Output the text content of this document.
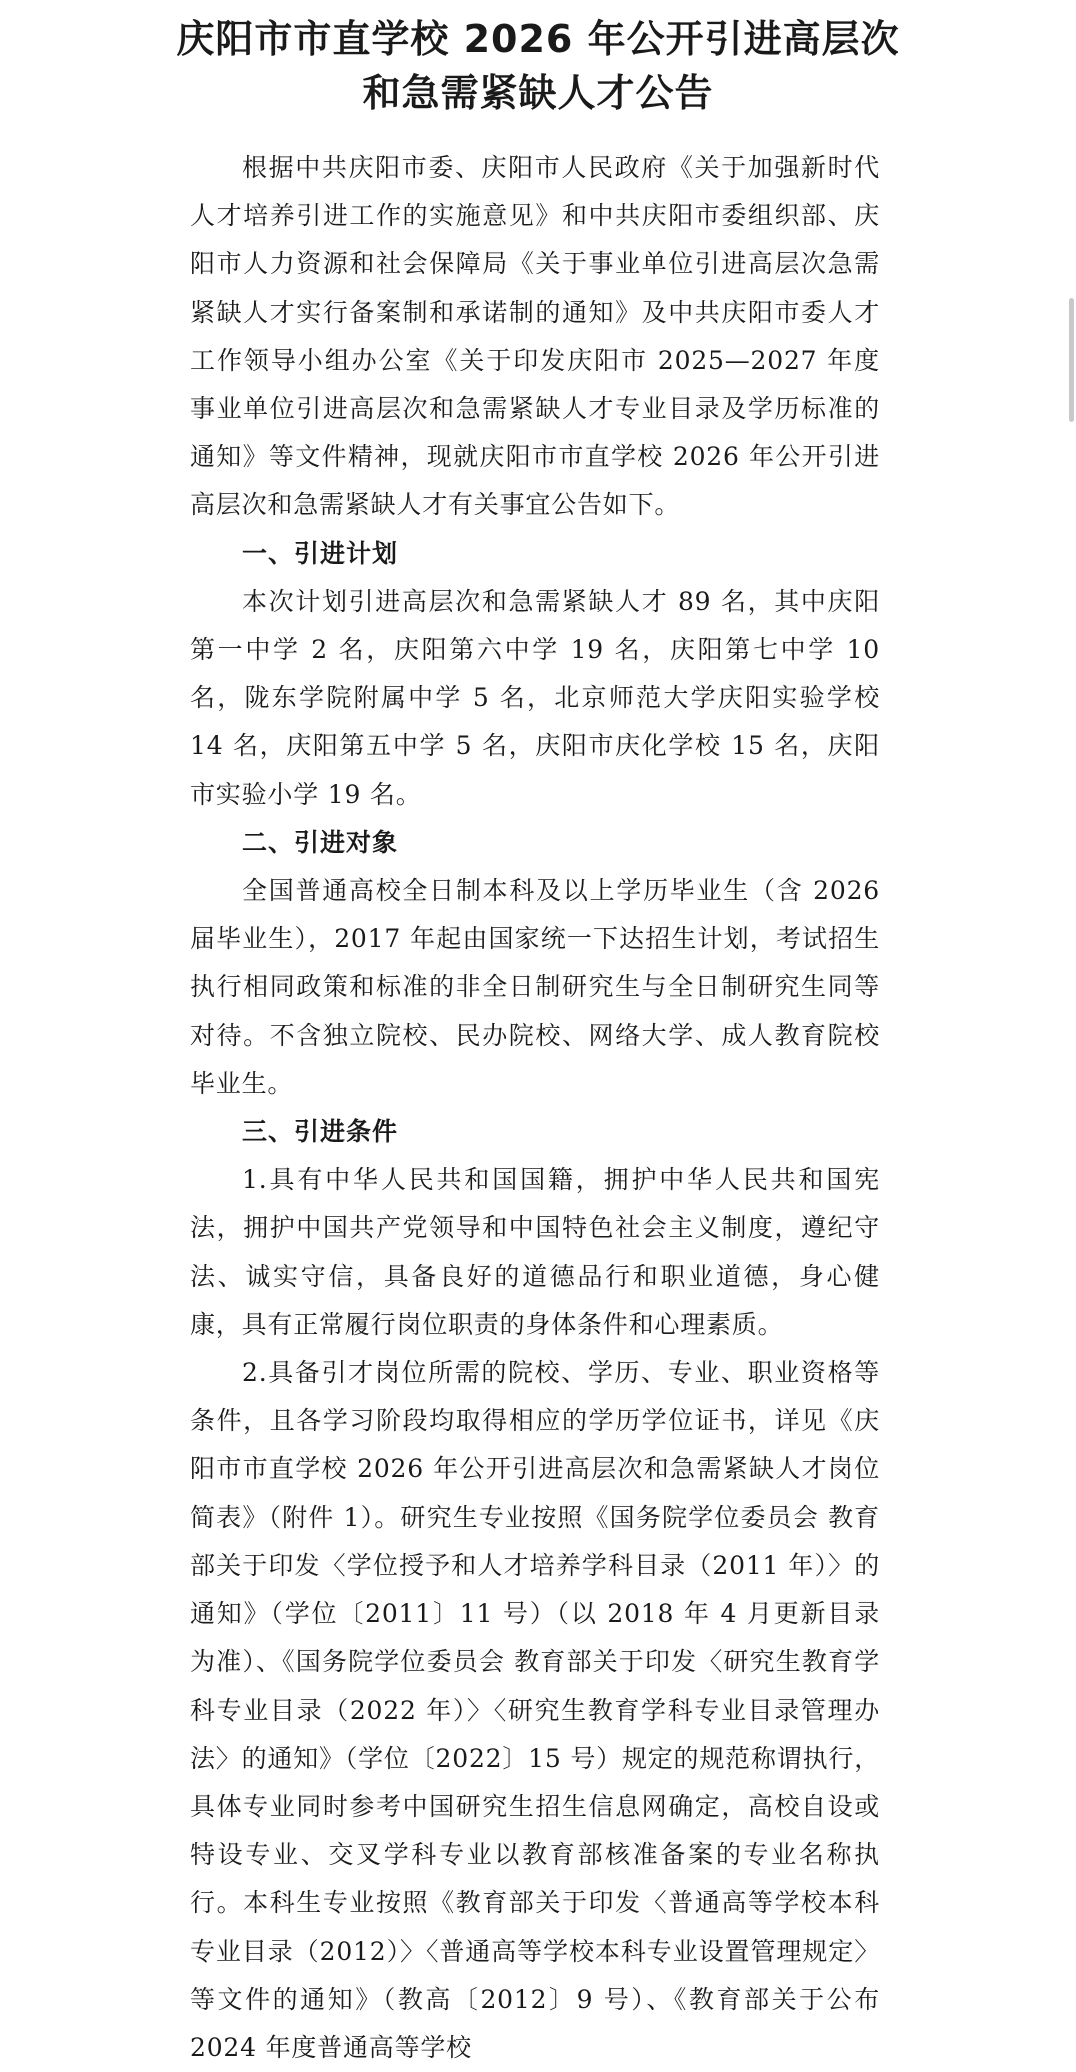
庆阳市市直学校 2026 年公开引进高层次
和急需紧缺人才公告

根据中共庆阳市委、庆阳市人民政府《关于加强新时代人才培养引进工作的实施意见》和中共庆阳市委组织部、庆阳市人力资源和社会保障局《关于事业单位引进高层次急需紧缺人才实行备案制和承诺制的通知》及中共庆阳市委人才工作领导小组办公室《关于印发庆阳市 2025—2027 年度事业单位引进高层次和急需紧缺人才专业目录及学历标准的通知》等文件精神，现就庆阳市市直学校 2026 年公开引进高层次和急需紧缺人才有关事宜公告如下。

一、引进计划

本次计划引进高层次和急需紧缺人才 89 名，其中庆阳第一中学 2 名，庆阳第六中学 19 名，庆阳第七中学 10 名，陇东学院附属中学 5 名，北京师范大学庆阳实验学校 14 名，庆阳第五中学 5 名，庆阳市庆化学校 15 名，庆阳市实验小学 19 名。

二、引进对象

全国普通高校全日制本科及以上学历毕业生（含 2026 届毕业生），2017 年起由国家统一下达招生计划，考试招生执行相同政策和标准的非全日制研究生与全日制研究生同等对待。不含独立院校、民办院校、网络大学、成人教育院校毕业生。

三、引进条件

1.具有中华人民共和国国籍，拥护中华人民共和国宪法，拥护中国共产党领导和中国特色社会主义制度，遵纪守法、诚实守信，具备良好的道德品行和职业道德，身心健康，具有正常履行岗位职责的身体条件和心理素质。

2.具备引才岗位所需的院校、学历、专业、职业资格等条件，且各学习阶段均取得相应的学历学位证书，详见《庆阳市市直学校 2026 年公开引进高层次和急需紧缺人才岗位简表》（附件 1）。研究生专业按照《国务院学位委员会 教育部关于印发〈学位授予和人才培养学科目录（2011 年）〉的通知》（学位〔2011〕11 号）（以 2018 年 4 月更新目录为准）、《国务院学位委员会 教育部关于印发〈研究生教育学科专业目录（2022 年）〉〈研究生教育学科专业目录管理办法〉的通知》（学位〔2022〕15 号）规定的规范称谓执行，具体专业同时参考中国研究生招生信息网确定，高校自设或特设专业、交叉学科专业以教育部核准备案的专业名称执行。本科生专业按照《教育部关于印发〈普通高等学校本科专业目录（2012）〉〈普通高等学校本科专业设置管理规定〉等文件的通知》（教高〔2012〕9 号）、《教育部关于公布 2024 年度普通高等学校
